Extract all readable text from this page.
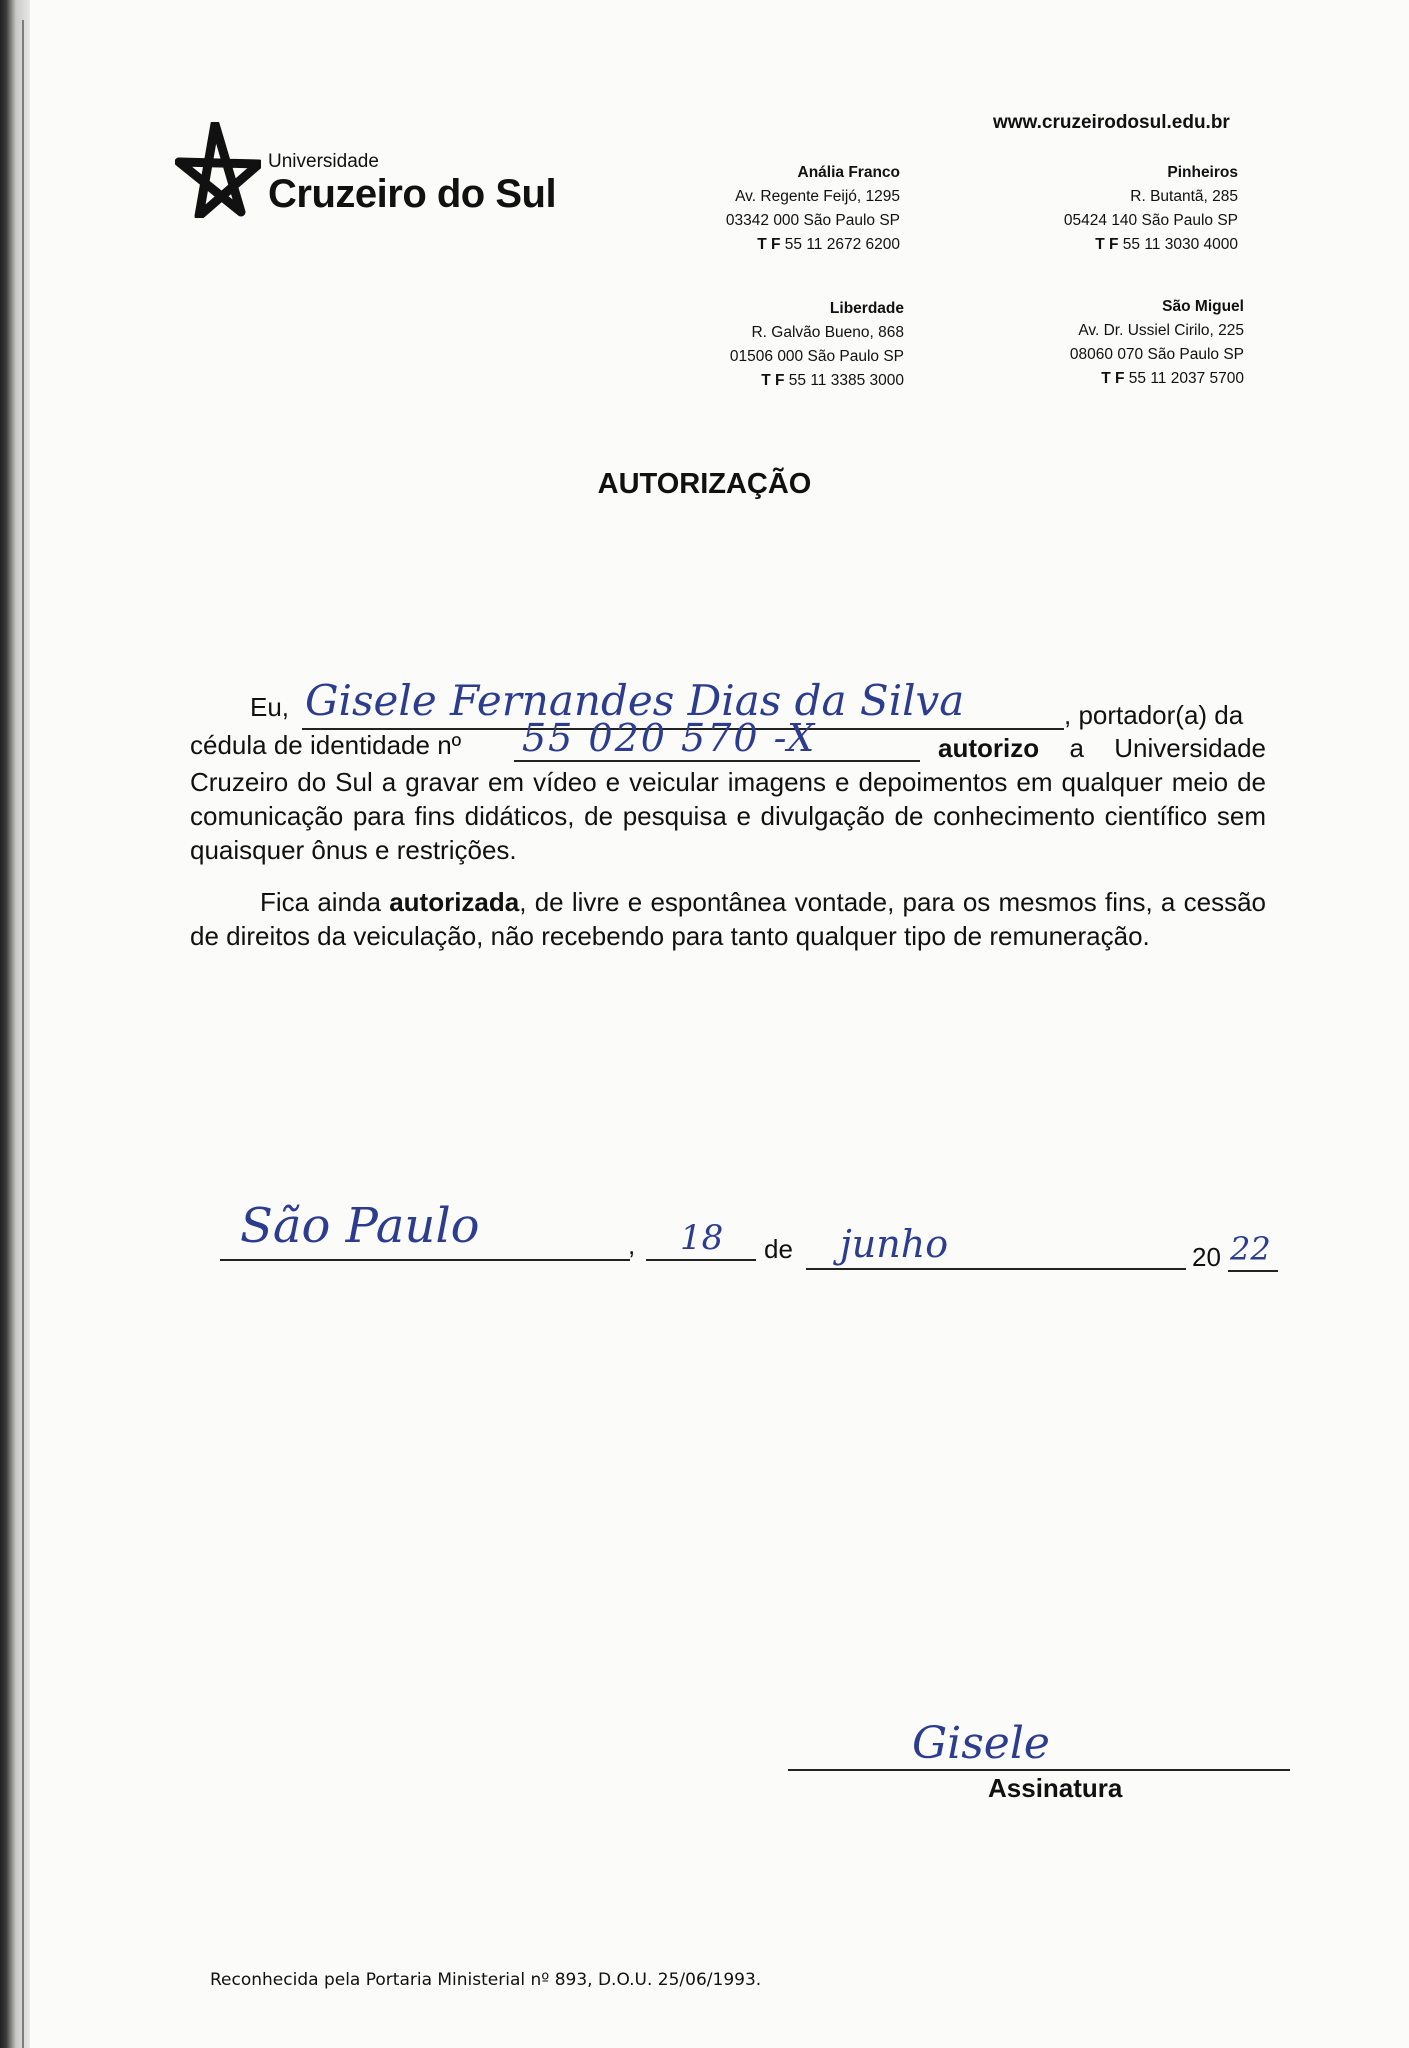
Universidade
Cruzeiro do Sul
www.cruzeirodosul.edu.br
Anália Franco
Av. Regente Feijó, 1295
03342 000 São Paulo SP
T F 55 11 2672 6200
Pinheiros
R. Butantã, 285
05424 140 São Paulo SP
T F 55 11 3030 4000
Liberdade
R. Galvão Bueno, 868
01506 000 São Paulo SP
T F 55 11 3385 3000
São Miguel
Av. Dr. Ussiel Cirilo, 225
08060 070 São Paulo SP
T F 55 11 2037 5700
AUTORIZAÇÃO
Eu, Gisele Fernandes Dias da Silva	, portador(a) da
cédula de identidade nº 55 020 570 -X	autorizo a Universidade Cruzeiro do Sul a gravar em vídeo e veicular imagens e depoimentos em qualquer meio de comunicação para fins didáticos, de pesquisa e divulgação de conhecimento científico sem quaisquer ônus e restrições.
Fica ainda autorizada, de livre e espontânea vontade, para os mesmos fins, a cessão de direitos da veiculação, não recebendo para tanto qualquer tipo de remuneração.
São Paulo	, 18 de junho	20 22
Gisele
Assinatura
Reconhecida pela Portaria Ministerial nº 893, D.O.U. 25/06/1993.
